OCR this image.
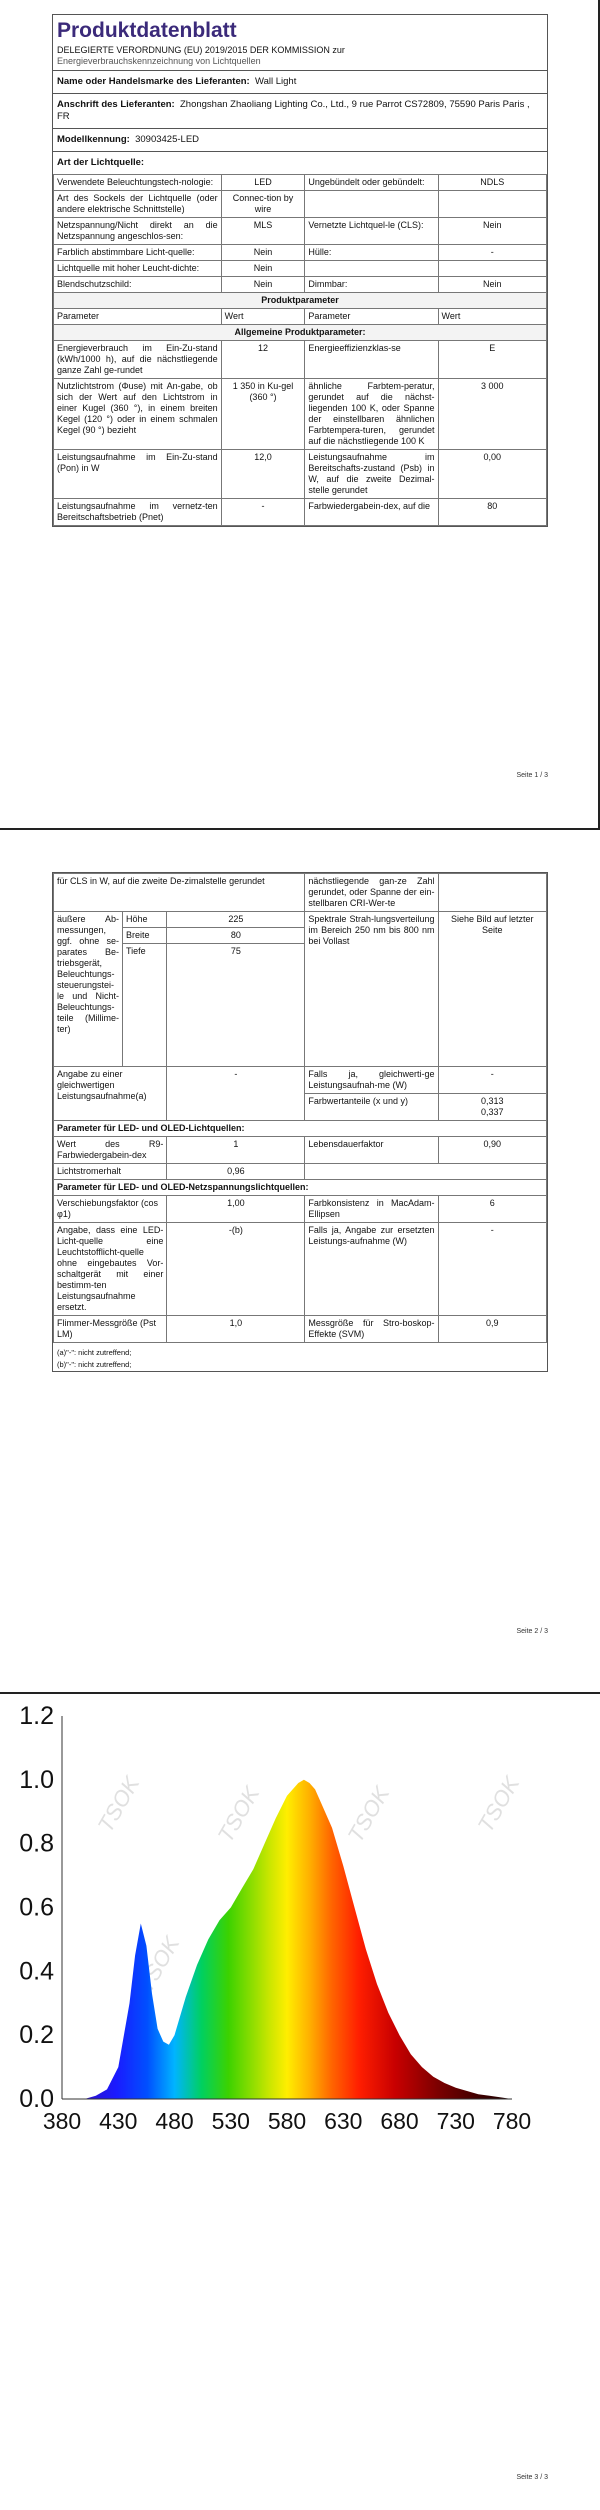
Produktdatenblatt
DELEGIERTE VERORDNUNG (EU) 2019/2015 DER KOMMISSION zur
Energieverbrauchskennzeichnung von Lichtquellen
Name oder Handelsmarke des Lieferanten: Wall Light
Anschrift des Lieferanten: Zhongshan Zhaoliang Lighting Co., Ltd., 9 rue Parrot CS72809, 75590 Paris Paris , FR
Modellkennung: 30903425-LED
Art der Lichtquelle:
Verwendete Beleuchtungstech-nologie:	LED	Ungebündelt oder gebündelt:	NDLS
Art des Sockels der Lichtquelle (oder andere elektrische Schnittstelle)	Connec-tion by wire		
Netzspannung/Nicht direkt an die Netzspannung angeschlos-sen:	MLS	Vernetzte Lichtquel-le (CLS):	Nein
Farblich abstimmbare Licht-quelle:	Nein	Hülle:	-
Lichtquelle mit hoher Leucht-dichte:	Nein		
Blendschutzschild:	Nein	Dimmbar:	Nein
Produktparameter			
Parameter	Wert	Parameter	Wert
Allgemeine Produktparameter:			
Energieverbrauch im Ein-Zu-stand (kWh/1000 h), auf die nächstliegende ganze Zahl ge-rundet	12	Energieeffizienzklas-se	E
Nutzlichtstrom (Φuse) mit An-gabe, ob sich der Wert auf den Lichtstrom in einer Kugel (360 °), in einem breiten Kegel (120 °) oder in einem schmalen Kegel (90 °) bezieht	1 350 in Ku-gel (360 °)	ähnliche Farbtem-peratur, gerundet auf die nächst-liegenden 100 K, oder Spanne der einstellbaren ähnlichen Farbtempera-turen, gerundet auf die nächstliegende 100 K	3 000
Leistungsaufnahme im Ein-Zu-stand (Pon) in W	12,0	Leistungsaufnahme im Bereitschafts-zustand (Psb) in W, auf die zweite Dezimal-stelle gerundet	0,00
Leistungsaufnahme im vernetz-ten Bereitschaftsbetrieb (Pnet)	-	Farbwiedergabein-dex, auf die	80
Seite 1 / 3
für CLS in W, auf die zweite De-zimalstelle gerundet			nächstliegende gan-ze Zahl gerundet, oder Spanne der ein-stellbaren CRI-Wer-te	
äußere Ab-messungen, ggf. ohne se-parates Be-triebsgerät, Beleuchtungs-steuerungstei-le und Nicht-Beleuchtungs-teile (Millime-ter)	Höhe	225	Spektrale Strah-lungsverteilung im Bereich 250 nm bis 800 nm bei Vollast	Siehe Bild auf letzter Seite
	Breite	80		
	Tiefe	75		
Angabe zu einer gleichwertigen Leistungsaufnahme(a)		-	Falls ja, gleichwerti-ge Leistungsaufnah-me (W)	-
			Farbwertanteile (x und y)	0,313
0,337

Parameter für LED- und OLED-Lichtquellen:				
Wert des R9-Farbwiedergabein-dex		1	Lebensdauerfaktor	0,90
Lichtstromerhalt		0,96		
Parameter für LED- und OLED-Netzspannungslichtquellen:				
Verschiebungsfaktor (cos φ1)		1,00	Farbkonsistenz in MacAdam-Ellipsen	6
Angabe, dass eine LED-Licht-quelle eine Leuchtstofflicht-quelle ohne eingebautes Vor-schaltgerät mit einer bestimm-ten Leistungsaufnahme ersetzt.		-(b)	Falls ja, Angabe zur ersetzten Leistungs-aufnahme (W)	-
Flimmer-Messgröße (Pst LM)		1,0	Messgröße für Stro-boskop-Effekte (SVM)	0,9
(a)"-": nicht zutreffend;
(b)"-": nicht zutreffend;
Seite 2 / 3
TSOK	TSOK	TSOK	TSOK
TSOK
0.0
0.2
0.4
0.6
0.8
1.0
1.2
380 430 480 530 580 630 680 730 780
Seite 3 / 3
